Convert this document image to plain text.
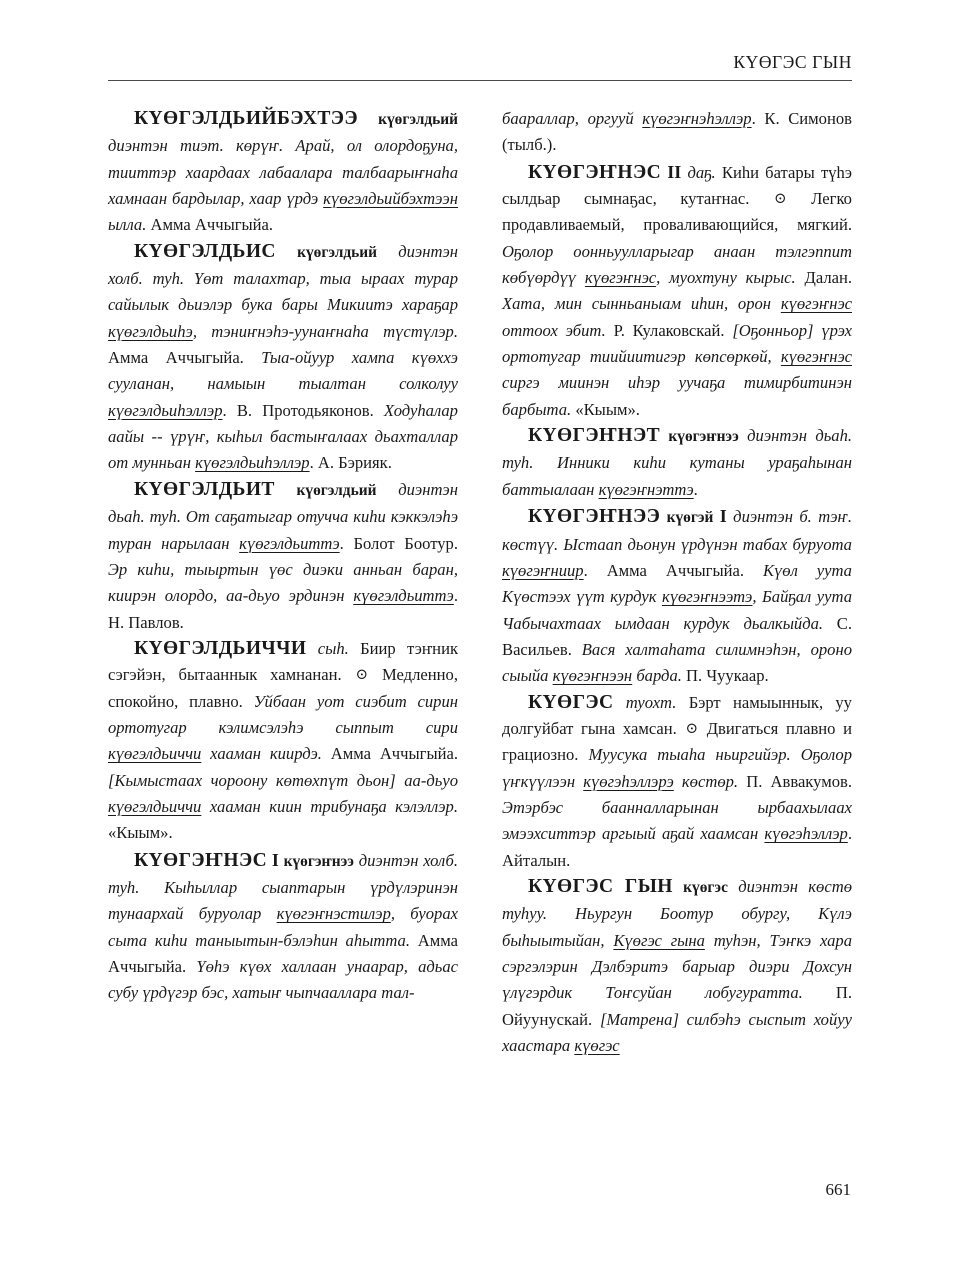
КҮӨГЭС ГЫН

КҮӨГЭЛДЬИЙБЭХТЭЭ күөгэлдьий диэнтэн тиэт. көрүҥ. Арай, ол олордоҕуна, тииттэр хаардаах лабаалара талбаарыҥнаһа хамнаан бардылар, хаар үрдэ күөгэлдьийбэхтээн ылла. Амма Аччыгыйа.

КҮӨГЭЛДЬИС күөгэлдьий диэнтэн холб. туһ. Үөт талахтар, тыа ыраах турар сайылык дьиэлэр бука бары Микиитэ хараҕар күөгэлдьиһэ, тэниҥнэһэ-уунаҥнаһа түстүлэр. Амма Аччыгыйа. Тыа-ойуур хампа күөххэ сууланан, намыын тыалтан солколуу күөгэлдьиһэллэр. В. Протодьяконов. Ходуһалар аайы -- үрүҥ, кыһыл бастыҥалаах дьахталлар от мунньан күөгэлдьиһэллэр. А. Бэрияк.

КҮӨГЭЛДЬИТ күөгэлдьий диэнтэн дьаһ. туһ. От саҕатыгар отучча киһи кэккэлэһэ туран нарылаан күөгэлдьиттэ. Болот Боотур. Эр киһи, тыыртын үөс диэки анньан баран, киирэн олордо, аа-дьуо эрдинэн күөгэлдьиттэ. Н. Павлов.

КҮӨГЭЛДЬИЧЧИ сыһ. Биир тэҥник сэгэйэн, бытааннык хамнанан. ⊙ Медленно, спокойно, плавно. Уйбаан уот сиэбит сирин ортотугар кэлимсэлэһэ сыппыт сири күөгэлдьиччи хааман киирдэ. Амма Аччыгыйа. [Кымыстаах чороону көтөхпүт дьон] аа-дьуо күөгэлдьиччи хааман киин трибунаҕа кэлэллэр. «Кыым».

КҮӨГЭҤНЭС I күөгэҥнээ диэнтэн холб. туһ. Кыһыллар сыаптарын үрдүлэринэн тунаархай буруолар күөгэҥнэстилэр, буорах сыта киһи таныытын-бэлэһин аһытта. Амма Аччыгыйа. Үөһэ күөх халлаан унаарар, адьас субу үрдүгэр бэс, хатыҥ чыпчааллара тал-

баараллар, оргууй күөгэҥнэһэллэр. К. Симонов (тылб.).

КҮӨГЭҤНЭС II даҕ. Киһи батары түһэ сылдьар сымнаҕас, кутаҥнас. ⊙ Легко продавливаемый, проваливающийся, мягкий. Оҕолор оонньуулларыгар анаан тэлгэппит көбүөрдүү күөгэҥнэс, муохтуну кырыс. Далан. Хата, мин сынньаныам иһин, орон күөгэҥнэс оттоох эбит. Р. Кулаковскай. [Оҕонньор] үрэх ортотугар тиийиитигэр көпсөркөй, күөгэҥнэс сиргэ миинэн иһэр уучаҕа тимирбитинэн барбыта. «Кыым».

КҮӨГЭҤНЭТ күөгэҥнээ диэнтэн дьаһ. туһ. Инники киһи кутаны ураҕаһынан баттыалаан күөгэҥнэттэ.

КҮӨГЭҤНЭЭ күөгэй I диэнтэн б. тэҥ. көстүү. Ыстаап дьонун үрдүнэн табах буруота күөгэҥниир. Амма Аччыгыйа. Күөл уута Күөстээх үүт курдук күөгэҥнээтэ, Байҕал уута Чабычахтаах ымдаан курдук дьалкыйда. С. Васильев. Вася халтаһата силимнэһэн, ороно сыыйа күөгэҥнээн барда. П. Чуукаар.

КҮӨГЭС туохт. Бэрт намыыннык, уу долгуйбат гына хамсан. ⊙ Двигаться плавно и грациозно. Муусука тыаһа ньиргийэр. Оҕолор үҥкүүлээн күөгэһэллэрэ көстөр. П. Аввакумов. Этэрбэс баанналларынан ырбаахылаах эмээхситтэр аргыый аҕай хаамсан күөгэһэллэр. Айталын.

КҮӨГЭС ГЫН күөгэс диэнтэн көстө туһуу. Ньургун Боотур обургу, Күлэ быһыытыйан, Күөгэс гына туһэн, Тэҥкэ хара сэргэлэрин Дэлбэритэ барыар диэри Дохсун үлүгэрдик Тоҥсуйан лобугуратта. П. Ойуунускай. [Матрена] силбэһэ сыспыт хойуу хаастара күөгэс

661
